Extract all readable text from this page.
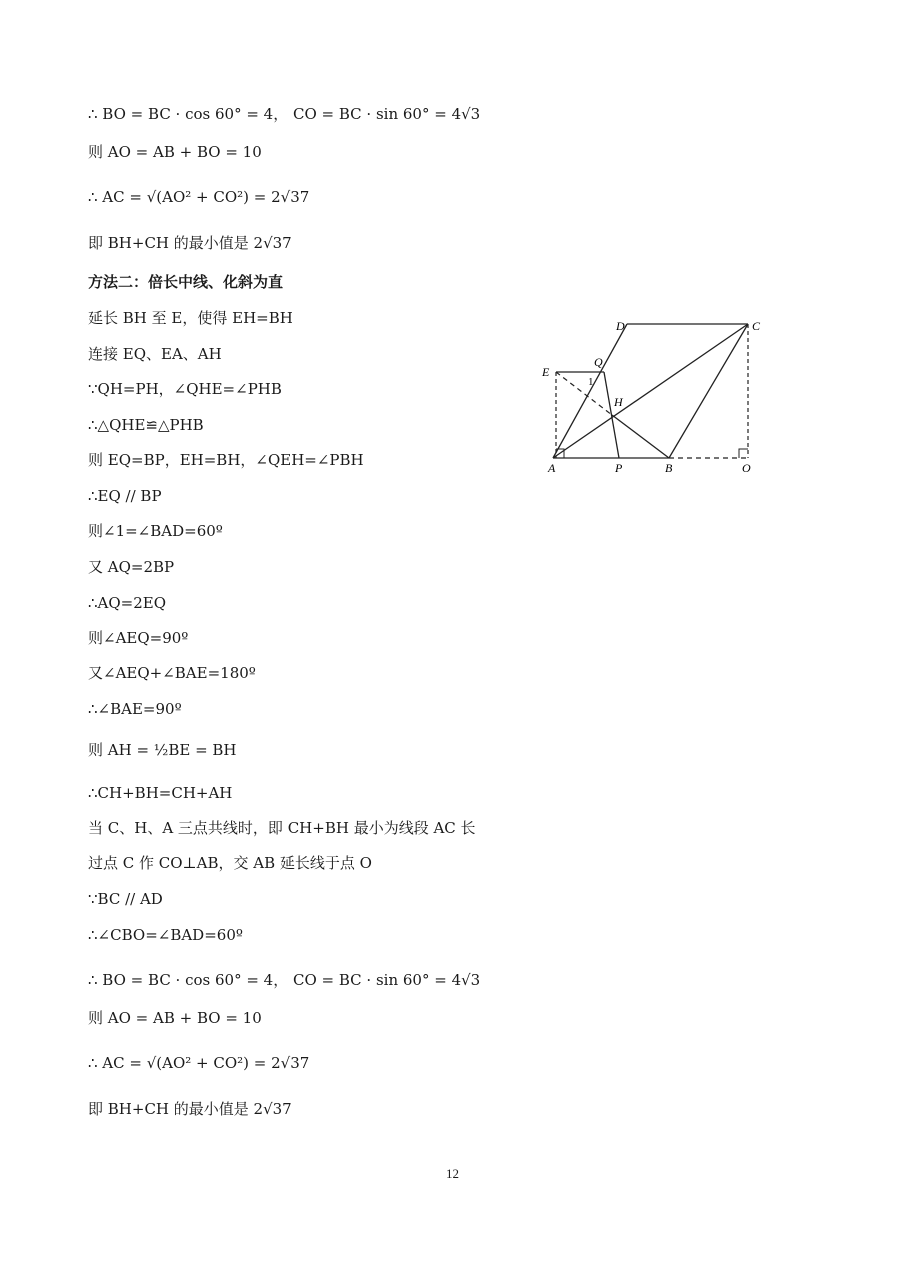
∴ BO = BC · cos 60° = 4， CO = BC · sin 60° = 4√3
则 AO = AB + BO = 10
∴ AC = √(AO² + CO²) = 2√37
即 BH+CH 的最小值是 2√37
方法二：倍长中线、化斜为直
延长 BH 至 E，使得 EH=BH
连接 EQ、EA、AH
∵QH=PH，∠QHE=∠PHB
∴△QHE≌△PHB
则 EQ=BP，EH=BH，∠QEH=∠PBH
∴EQ // BP
则∠1=∠BAD=60º
又 AQ=2BP
∴AQ=2EQ
则∠AEQ=90º
又∠AEQ+∠BAE=180º
∴∠BAE=90º
则 AH = ½BE = BH
∴CH+BH=CH+AH
当 C、H、A 三点共线时，即 CH+BH 最小为线段 AC 长
过点 C 作 CO⊥AB，交 AB 延长线于点 O
∵BC // AD
∴∠CBO=∠BAD=60º
∴ BO = BC · cos 60° = 4， CO = BC · sin 60° = 4√3
则 AO = AB + BO = 10
∴ AC = √(AO² + CO²) = 2√37
即 BH+CH 的最小值是 2√37
D	C
Q
E
1
H
A	P	B	O
12
